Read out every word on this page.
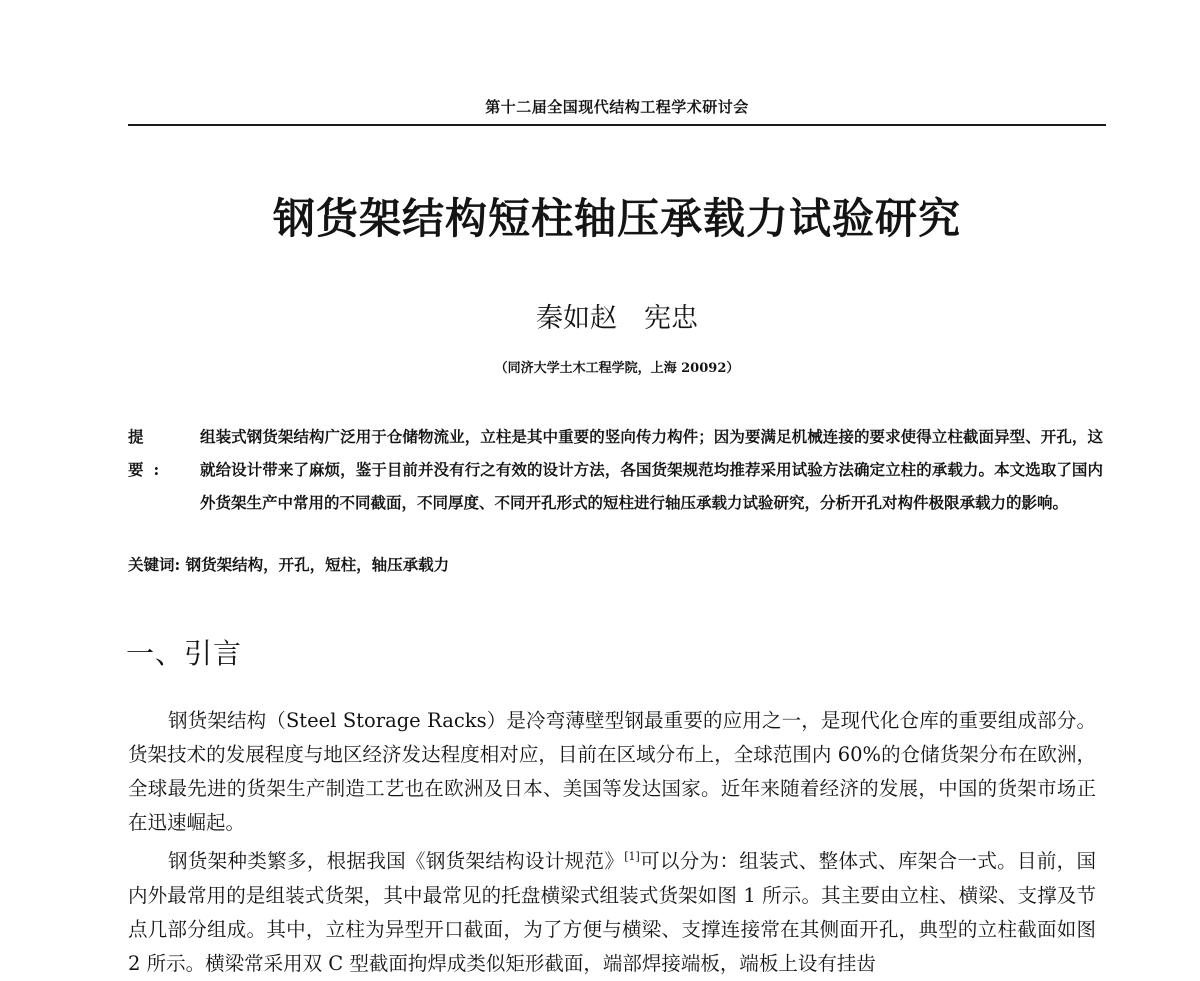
第十二届全国现代结构工程学术研讨会
钢货架结构短柱轴压承载力试验研究
秦如赵　宪忠
（同济大学土木工程学院，上海 20092）
提 要:
组装式钢货架结构广泛用于仓储物流业，立柱是其中重要的竖向传力构件；因为要满足机械连接的要求使得立柱截面异型、开孔，这就给设计带来了麻烦，鉴于目前并没有行之有效的设计方法，各国货架规范均推荐采用试验方法确定立柱的承载力。本文选取了国内外货架生产中常用的不同截面，不同厚度、不同开孔形式的短柱进行轴压承载力试验研究，分析开孔对构件极限承载力的影响。
关键词: 钢货架结构，开孔，短柱，轴压承载力
一、引言

钢货架结构（Steel Storage Racks）是冷弯薄壁型钢最重要的应用之一，是现代化仓库的重要组成部分。货架技术的发展程度与地区经济发达程度相对应，目前在区域分布上，全球范围内 60%的仓储货架分布在欧洲，全球最先进的货架生产制造工艺也在欧洲及日本、美国等发达国家。近年来随着经济的发展，中国的货架市场正在迅速崛起。

钢货架种类繁多，根据我国《钢货架结构设计规范》[1]可以分为：组装式、整体式、库架合一式。目前，国内外最常用的是组装式货架，其中最常见的托盘横梁式组装式货架如图 1 所示。其主要由立柱、横梁、支撑及节点几部分组成。其中，立柱为异型开口截面，为了方便与横梁、支撑连接常在其侧面开孔，典型的立柱截面如图 2 所示。横梁常采用双 C 型截面拘焊成类似矩形截面，端部焊接端板，端板上设有挂齿
